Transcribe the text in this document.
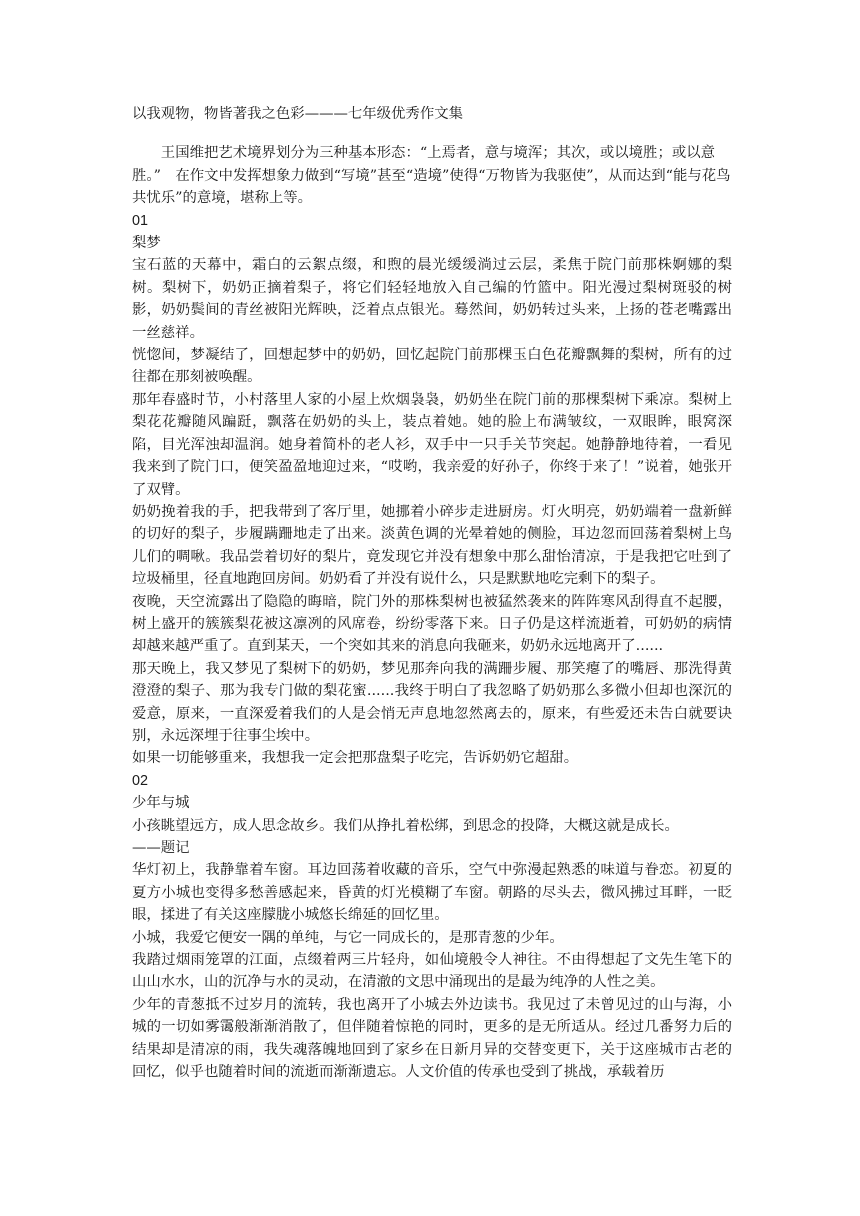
以我观物，物皆著我之色彩———七年级优秀作文集

王国维把艺术境界划分为三种基本形态：“上焉者，意与境浑；其次，或以境胜；或以意胜。”　在作文中发挥想象力做到“写境”甚至“造境”使得“万物皆为我驱使”，从而达到“能与花鸟共忧乐”的意境，堪称上等。

01

梨梦

宝石蓝的天幕中，霜白的云絮点缀，和煦的晨光缓缓淌过云层，柔焦于院门前那株婀娜的梨树。梨树下，奶奶正摘着梨子，将它们轻轻地放入自己编的竹篮中。阳光漫过梨树斑驳的树影，奶奶鬓间的青丝被阳光辉映，泛着点点银光。蓦然间，奶奶转过头来，上扬的苍老嘴露出一丝慈祥。

恍惚间，梦凝结了，回想起梦中的奶奶，回忆起院门前那棵玉白色花瓣飘舞的梨树，所有的过往都在那刻被唤醒。

那年春盛时节，小村落里人家的小屋上炊烟袅袅，奶奶坐在院门前的那棵梨树下乘凉。梨树上梨花花瓣随风蹁跹，飘落在奶奶的头上，装点着她。她的脸上布满皱纹，一双眼眸，眼窝深陷，目光浑浊却温润。她身着简朴的老人衫，双手中一只手关节突起。她静静地待着，一看见我来到了院门口，便笑盈盈地迎过来，“哎哟，我亲爱的好孙子，你终于来了！”说着，她张开了双臂。

奶奶挽着我的手，把我带到了客厅里，她挪着小碎步走进厨房。灯火明亮，奶奶端着一盘新鲜的切好的梨子，步履蹒跚地走了出来。淡黄色调的光晕着她的侧脸，耳边忽而回荡着梨树上鸟儿们的啁啾。我品尝着切好的梨片，竟发现它并没有想象中那么甜怡清凉，于是我把它吐到了垃圾桶里，径直地跑回房间。奶奶看了并没有说什么，只是默默地吃完剩下的梨子。

夜晚，天空流露出了隐隐的晦暗，院门外的那株梨树也被猛然袭来的阵阵寒风刮得直不起腰，树上盛开的簇簇梨花被这凛冽的风席卷，纷纷零落下来。日子仍是这样流逝着，可奶奶的病情却越来越严重了。直到某天，一个突如其来的消息向我砸来，奶奶永远地离开了......

那天晚上，我又梦见了梨树下的奶奶，梦见那奔向我的满跚步履、那笑瘪了的嘴唇、那洗得黄澄澄的梨子、那为我专门做的梨花蜜......我终于明白了我忽略了奶奶那么多微小但却也深沉的爱意，原来，一直深爱着我们的人是会悄无声息地忽然离去的，原来，有些爱还未告白就要诀别，永远深埋于往事尘埃中。

如果一切能够重来，我想我一定会把那盘梨子吃完，告诉奶奶它超甜。

02

少年与城

小孩眺望远方，成人思念故乡。我们从挣扎着松绑，到思念的投降，大概这就是成长。

——题记

华灯初上，我静靠着车窗。耳边回荡着收藏的音乐，空气中弥漫起熟悉的味道与眷恋。初夏的夏方小城也变得多愁善感起来，昏黄的灯光模糊了车窗。朝路的尽头去，微风拂过耳畔，一眨眼，揉进了有关这座朦胧小城悠长绵延的回忆里。

小城，我爱它便安一隅的单纯，与它一同成长的，是那青葱的少年。

我踏过烟雨笼罩的江面，点缀着两三片轻舟，如仙境般令人神往。不由得想起了文先生笔下的山山水水，山的沉净与水的灵动，在清澈的文思中涌现出的是最为纯净的人性之美。

少年的青葱抵不过岁月的流转，我也离开了小城去外边读书。我见过了未曾见过的山与海，小城的一切如雾霭般渐渐消散了，但伴随着惊艳的同时，更多的是无所适从。经过几番努力后的结果却是清凉的雨，我失魂落魄地回到了家乡在日新月异的交替变更下，关于这座城市古老的回忆，似乎也随着时间的流逝而渐渐遗忘。人文价值的传承也受到了挑战，承载着历
